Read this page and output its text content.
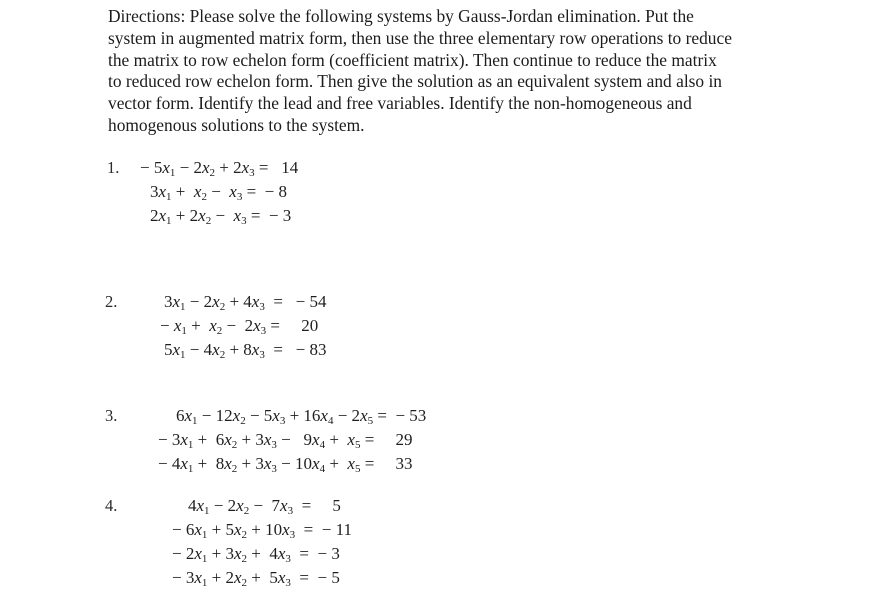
Directions: Please solve the following systems by Gauss-Jordan elimination. Put the
system in augmented matrix form, then use the three elementary row operations to reduce
the matrix to row echelon form (coefficient matrix). Then continue to reduce the matrix
to reduced row echelon form. Then give the solution as an equivalent system and also in
vector form. Identify the lead and free variables. Identify the non-homogeneous and
homogenous solutions to the system.
1. − $5x_1 - 2x_2 + 2x_3 = 14$
$3x_1 + x_2 - x_3$ =  − 8
$2x_1 + 2x_2 - x_3$ =  − 3
2.	$3x_1 - 2x_2 + 4x_3$  =   − 54
− $x_1 + x_2 - 2x_3$ =     20
$5x_1 - 4x_2 + 8x_3$  =   − 83
3.	$6x_1 - 12x_2 - 5x_3 + 16x_4 - 2x_5$ =  − 53
− $3x_1 + 6x_2 + 3x_3 - 9x_4 + x_5$ =     29
− $4x_1 + 8x_2 + 3x_3 - 10x_4 + x_5$ =     33
4.	$4x_1 - 2x_2 - 7x_3$  =     5
− $6x_1 + 5x_2 + 10x_3$  =  − 11
− $2x_1 + 3x_2 + 4x_3$  =  − 3
− $3x_1 + 2x_2 + 5x_3$  =  − 5
